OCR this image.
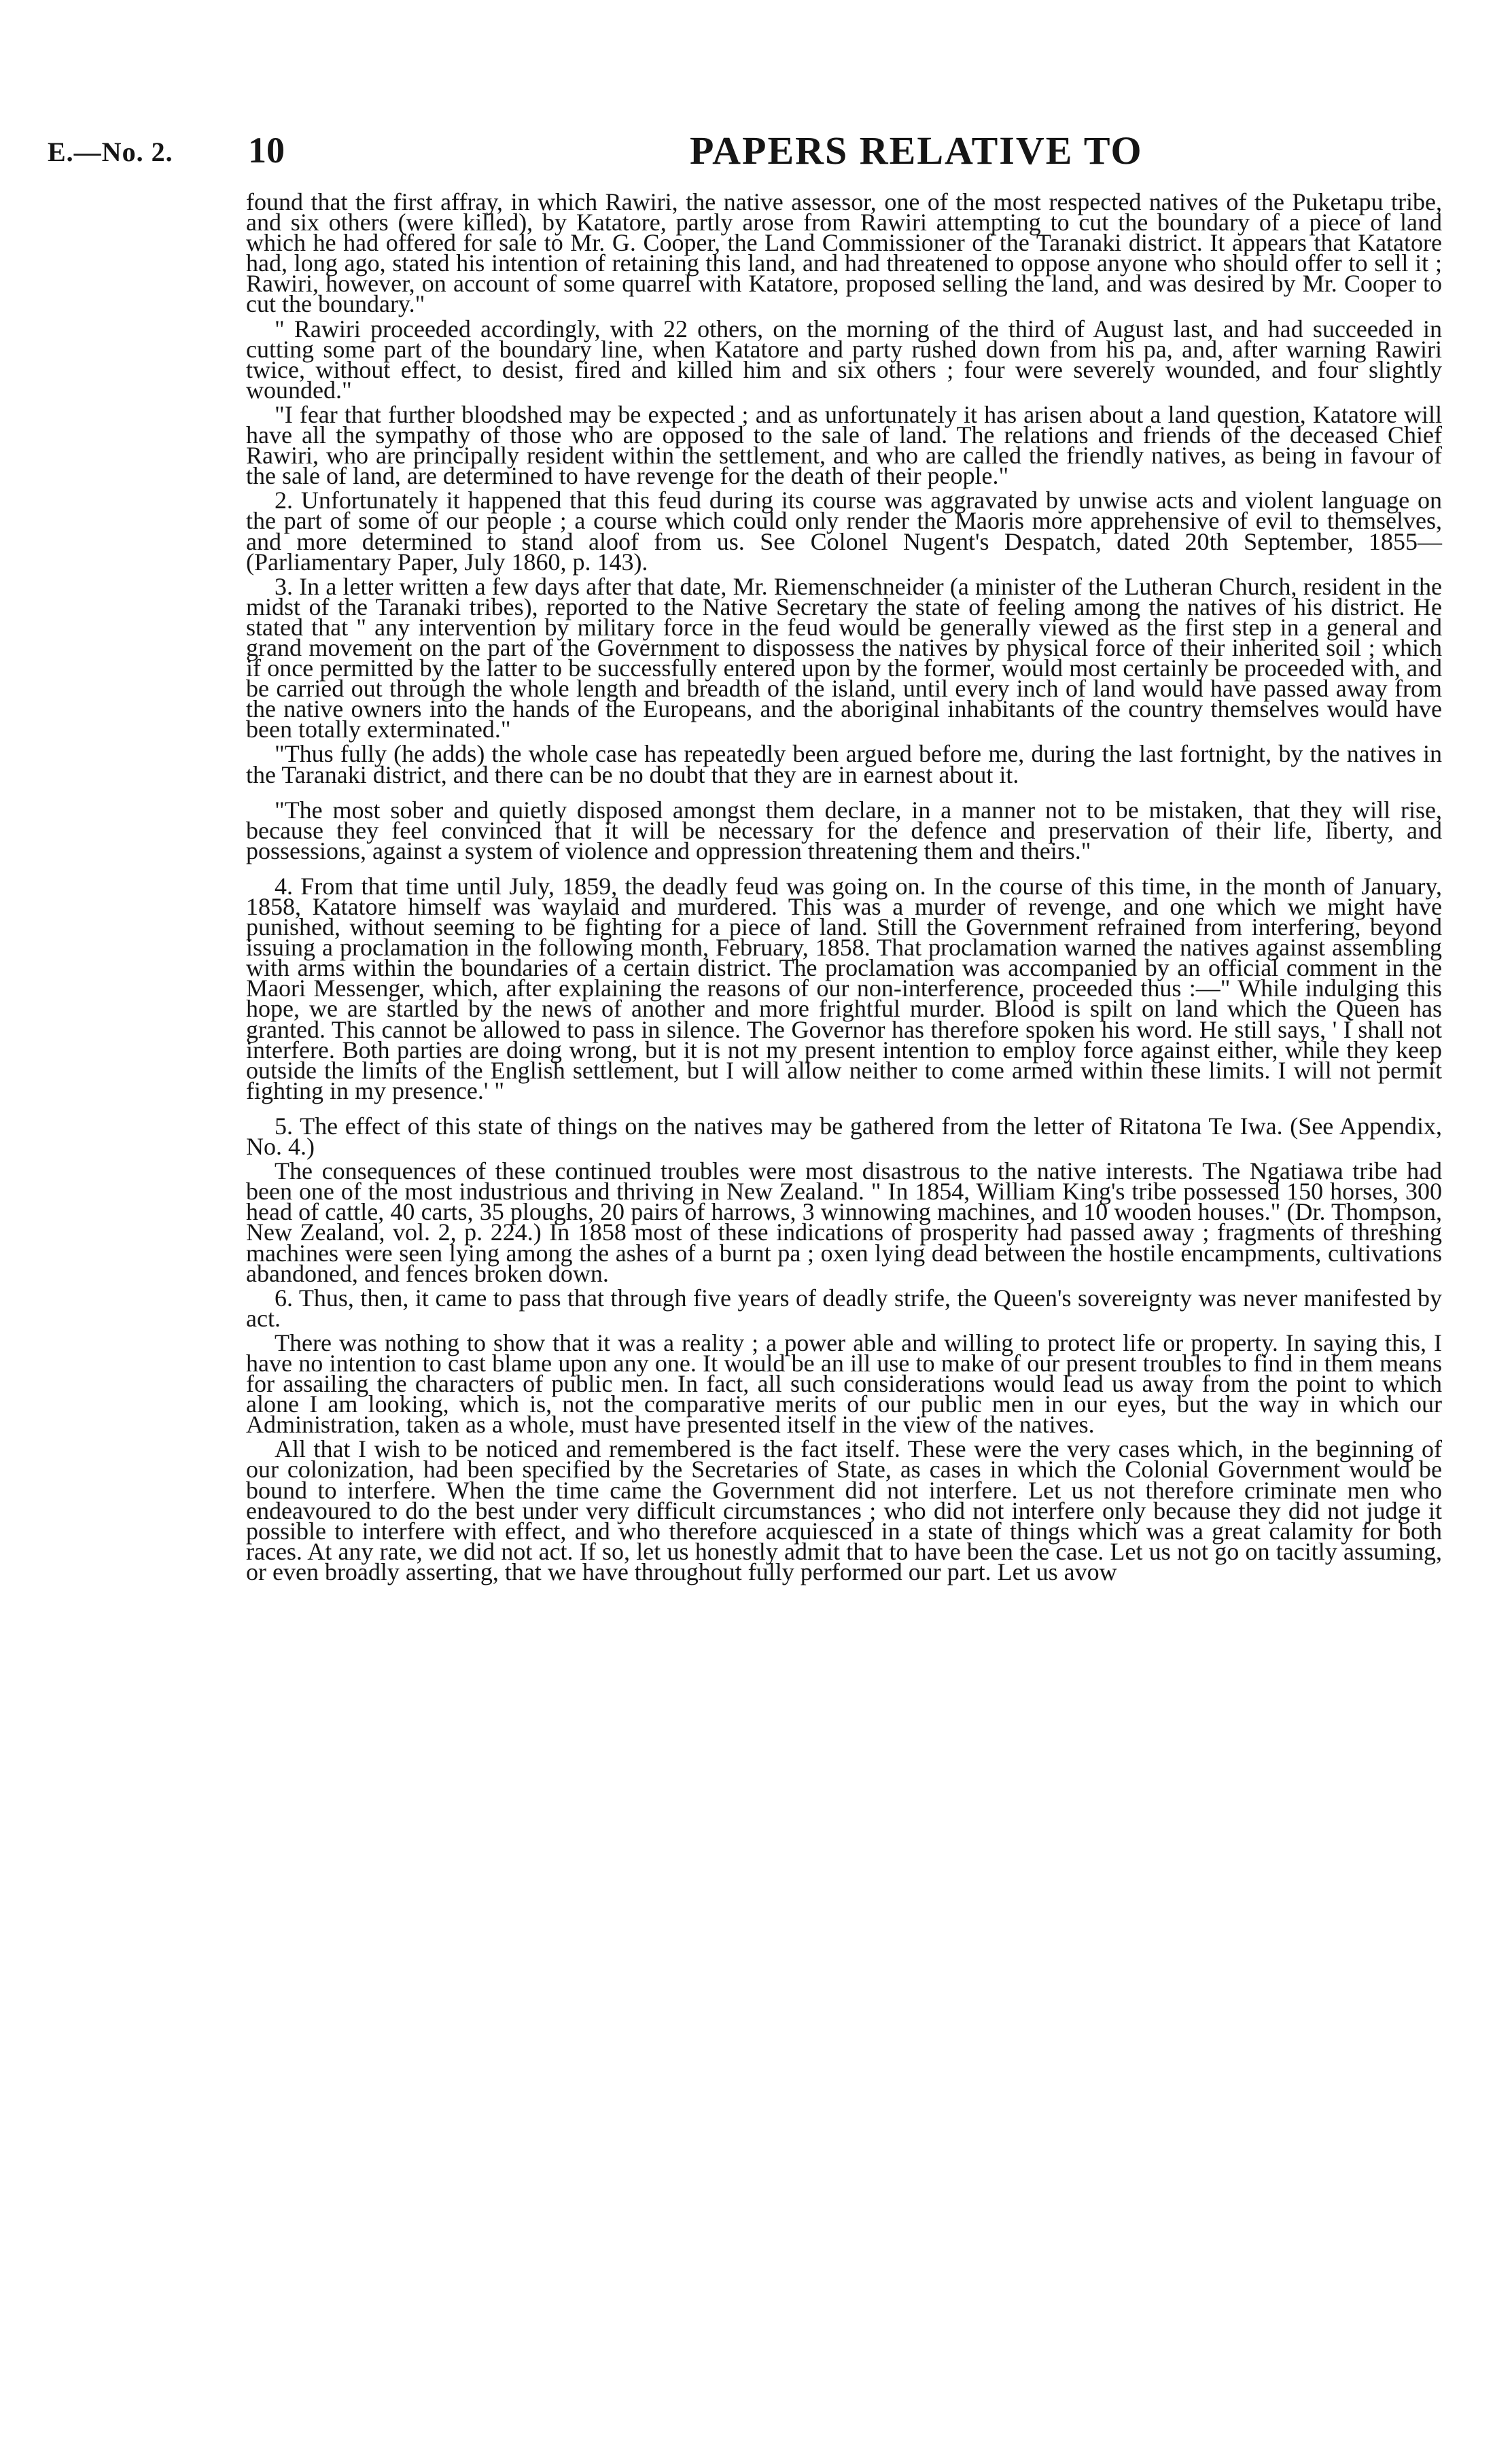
E.—No. 2. 10	PAPERS RELATIVE TO

found that the first affray, in which Rawiri, the native assessor, one of the most respected natives of the Puketapu tribe, and six others (were killed), by Katatore, partly arose from Rawiri attempting to cut the boundary of a piece of land which he had offered for sale to Mr. G. Cooper, the Land Commissioner of the Taranaki district. It appears that Katatore had, long ago, stated his intention of retaining this land, and had threatened to oppose anyone who should offer to sell it ; Rawiri, however, on account of some quarrel with Katatore, proposed selling the land, and was desired by Mr. Cooper to cut the boundary."

" Rawiri proceeded accordingly, with 22 others, on the morning of the third of August last, and had succeeded in cutting some part of the boundary line, when Katatore and party rushed down from his pa, and, after warning Rawiri twice, without effect, to desist, fired and killed him and six others ; four were severely wounded, and four slightly wounded."

"I fear that further bloodshed may be expected ; and as unfortunately it has arisen about a land question, Katatore will have all the sympathy of those who are opposed to the sale of land. The relations and friends of the deceased Chief Rawiri, who are principally resident within the settlement, and who are called the friendly natives, as being in favour of the sale of land, are determined to have revenge for the death of their people."

2. Unfortunately it happened that this feud during its course was aggravated by unwise acts and violent language on the part of some of our people ; a course which could only render the Maoris more apprehensive of evil to themselves, and more determined to stand aloof from us. See Colonel Nugent's Despatch, dated 20th September, 1855—(Parliamentary Paper, July 1860, p. 143).

3. In a letter written a few days after that date, Mr. Riemenschneider (a minister of the Lutheran Church, resident in the midst of the Taranaki tribes), reported to the Native Secretary the state of feeling among the natives of his district. He stated that " any intervention by military force in the feud would be generally viewed as the first step in a general and grand movement on the part of the Government to dispossess the natives by physical force of their inherited soil ; which if once permitted by the latter to be successfully entered upon by the former, would most certainly be proceeded with, and be carried out through the whole length and breadth of the island, until every inch of land would have passed away from the native owners into the hands of the Europeans, and the aboriginal inhabitants of the country themselves would have been totally exterminated."

"Thus fully (he adds) the whole case has repeatedly been argued before me, during the last fortnight, by the natives in the Taranaki district, and there can be no doubt that they are in earnest about it.

"The most sober and quietly disposed amongst them declare, in a manner not to be mistaken, that they will rise, because they feel convinced that it will be necessary for the defence and preservation of their life, liberty, and possessions, against a system of violence and oppression threatening them and theirs."

4. From that time until July, 1859, the deadly feud was going on. In the course of this time, in the month of January, 1858, Katatore himself was waylaid and murdered. This was a murder of revenge, and one which we might have punished, without seeming to be fighting for a piece of land. Still the Government refrained from interfering, beyond issuing a proclamation in the following month, February, 1858. That proclamation warned the natives against assembling with arms within the boundaries of a certain district. The proclamation was accompanied by an official comment in the Maori Messenger, which, after explaining the reasons of our non-interference, proceeded thus :—" While indulging this hope, we are startled by the news of another and more frightful murder. Blood is spilt on land which the Queen has granted. This cannot be allowed to pass in silence. The Governor has therefore spoken his word. He still says, ' I shall not interfere. Both parties are doing wrong, but it is not my present intention to employ force against either, while they keep outside the limits of the English settlement, but I will allow neither to come armed within these limits. I will not permit fighting in my presence.' "

5. The effect of this state of things on the natives may be gathered from the letter of Ritatona Te Iwa. (See Appendix, No. 4.)

The consequences of these continued troubles were most disastrous to the native interests. The Ngatiawa tribe had been one of the most industrious and thriving in New Zealand. " In 1854, William King's tribe possessed 150 horses, 300 head of cattle, 40 carts, 35 ploughs, 20 pairs of harrows, 3 winnowing machines, and 10 wooden houses." (Dr. Thompson, New Zealand, vol. 2, p. 224.) In 1858 most of these indications of prosperity had passed away ; fragments of threshing machines were seen lying among the ashes of a burnt pa ; oxen lying dead between the hostile encampments, cultivations abandoned, and fences broken down.

6. Thus, then, it came to pass that through five years of deadly strife, the Queen's sovereignty was never manifested by act.

There was nothing to show that it was a reality ; a power able and willing to protect life or property. In saying this, I have no intention to cast blame upon any one. It would be an ill use to make of our present troubles to find in them means for assailing the characters of public men. In fact, all such considerations would lead us away from the point to which alone I am looking, which is, not the comparative merits of our public men in our eyes, but the way in which our Administration, taken as a whole, must have presented itself in the view of the natives.

All that I wish to be noticed and remembered is the fact itself. These were the very cases which, in the beginning of our colonization, had been specified by the Secretaries of State, as cases in which the Colonial Government would be bound to interfere. When the time came the Government did not interfere. Let us not therefore criminate men who endeavoured to do the best under very difficult circumstances ; who did not interfere only because they did not judge it possible to interfere with effect, and who therefore acquiesced in a state of things which was a great calamity for both races. At any rate, we did not act. If so, let us honestly admit that to have been the case. Let us not go on tacitly assuming, or even broadly asserting, that we have throughout fully performed our part. Let us avow
